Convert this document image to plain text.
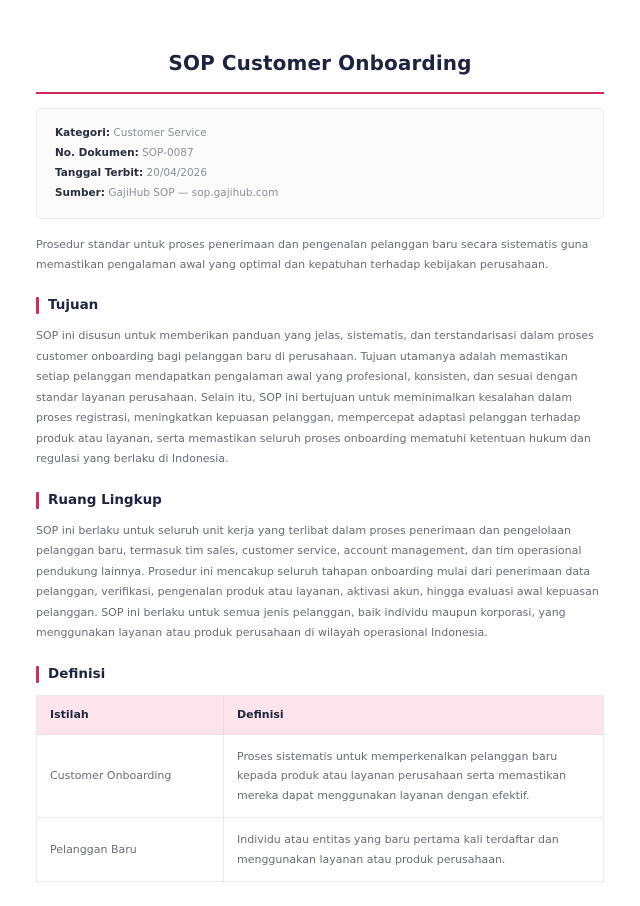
SOP Customer Onboarding
Kategori: Customer Service
No. Dokumen: SOP-0087
Tanggal Terbit: 20/04/2026
Sumber: GajiHub SOP — sop.gajihub.com

Prosedur standar untuk proses penerimaan dan pengenalan pelanggan baru secara sistematis guna memastikan pengalaman awal yang optimal dan kepatuhan terhadap kebijakan perusahaan.

Tujuan

SOP ini disusun untuk memberikan panduan yang jelas, sistematis, dan terstandarisasi dalam proses customer onboarding bagi pelanggan baru di perusahaan. Tujuan utamanya adalah memastikan setiap pelanggan mendapatkan pengalaman awal yang profesional, konsisten, dan sesuai dengan standar layanan perusahaan. Selain itu, SOP ini bertujuan untuk meminimalkan kesalahan dalam proses registrasi, meningkatkan kepuasan pelanggan, mempercepat adaptasi pelanggan terhadap produk atau layanan, serta memastikan seluruh proses onboarding mematuhi ketentuan hukum dan regulasi yang berlaku di Indonesia.

Ruang Lingkup

SOP ini berlaku untuk seluruh unit kerja yang terlibat dalam proses penerimaan dan pengelolaan pelanggan baru, termasuk tim sales, customer service, account management, dan tim operasional pendukung lainnya. Prosedur ini mencakup seluruh tahapan onboarding mulai dari penerimaan data pelanggan, verifikasi, pengenalan produk atau layanan, aktivasi akun, hingga evaluasi awal kepuasan pelanggan. SOP ini berlaku untuk semua jenis pelanggan, baik individu maupun korporasi, yang menggunakan layanan atau produk perusahaan di wilayah operasional Indonesia.

Definisi
Istilah	Definisi
Customer Onboarding	Proses sistematis untuk memperkenalkan pelanggan baru kepada produk atau layanan perusahaan serta memastikan mereka dapat menggunakan layanan dengan efektif.
Pelanggan Baru	Individu atau entitas yang baru pertama kali terdaftar dan menggunakan layanan atau produk perusahaan.
